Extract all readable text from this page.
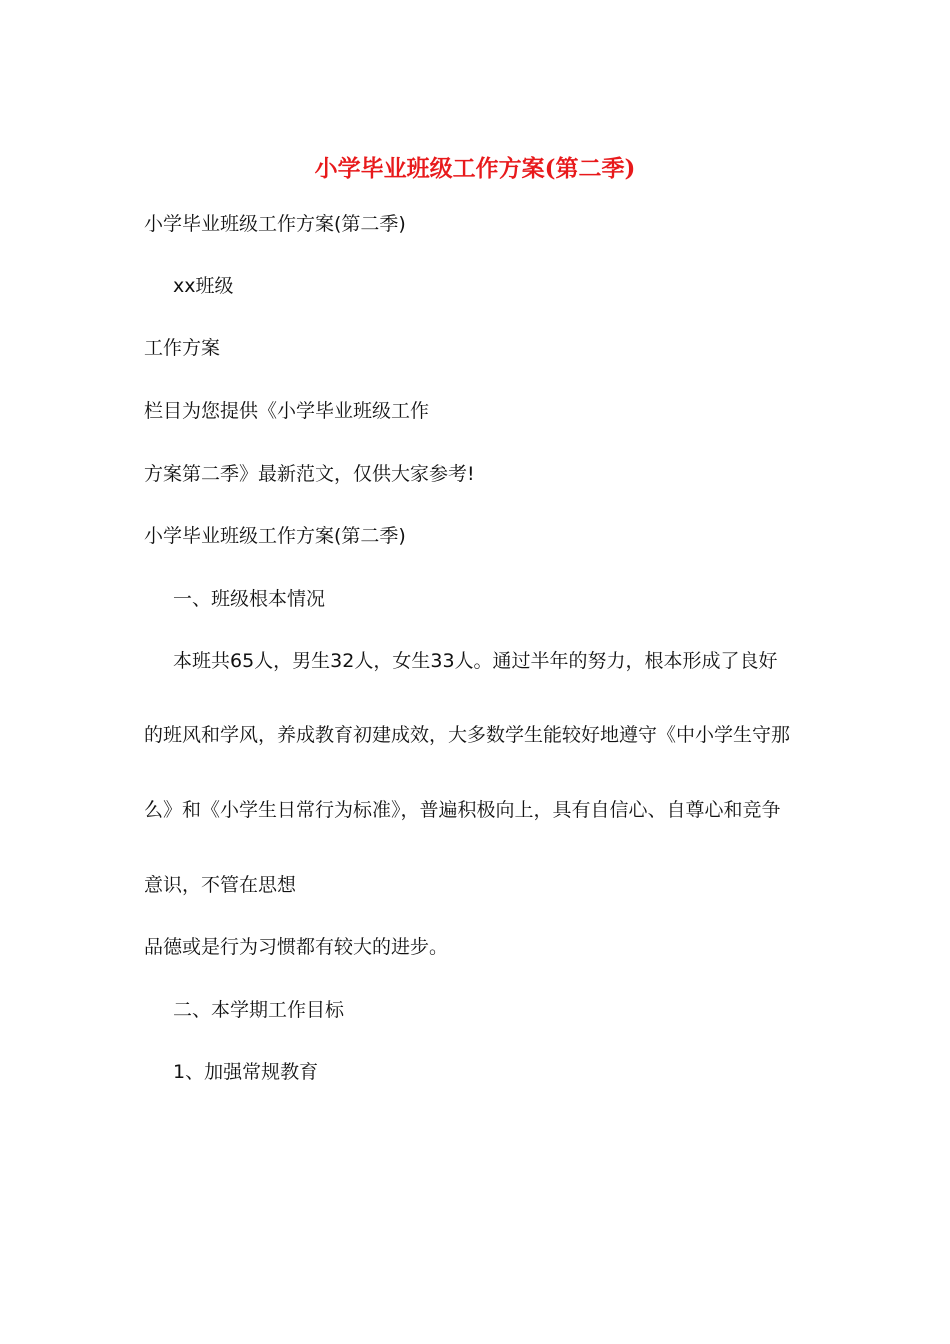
小学毕业班级工作方案(第二季)
小学毕业班级工作方案(第二季)
xx班级
工作方案
栏目为您提供《小学毕业班级工作
方案第二季》最新范文，仅供大家参考!
小学毕业班级工作方案(第二季)
一、班级根本情况
本班共65人，男生32人，女生33人。通过半年的努力，根本形成了良好
的班风和学风，养成教育初建成效，大多数学生能较好地遵守《中小学生守那
么》和《小学生日常行为标准》，普遍积极向上，具有自信心、自尊心和竞争
意识，不管在思想
品德或是行为习惯都有较大的进步。
二、本学期工作目标
1、加强常规教育
